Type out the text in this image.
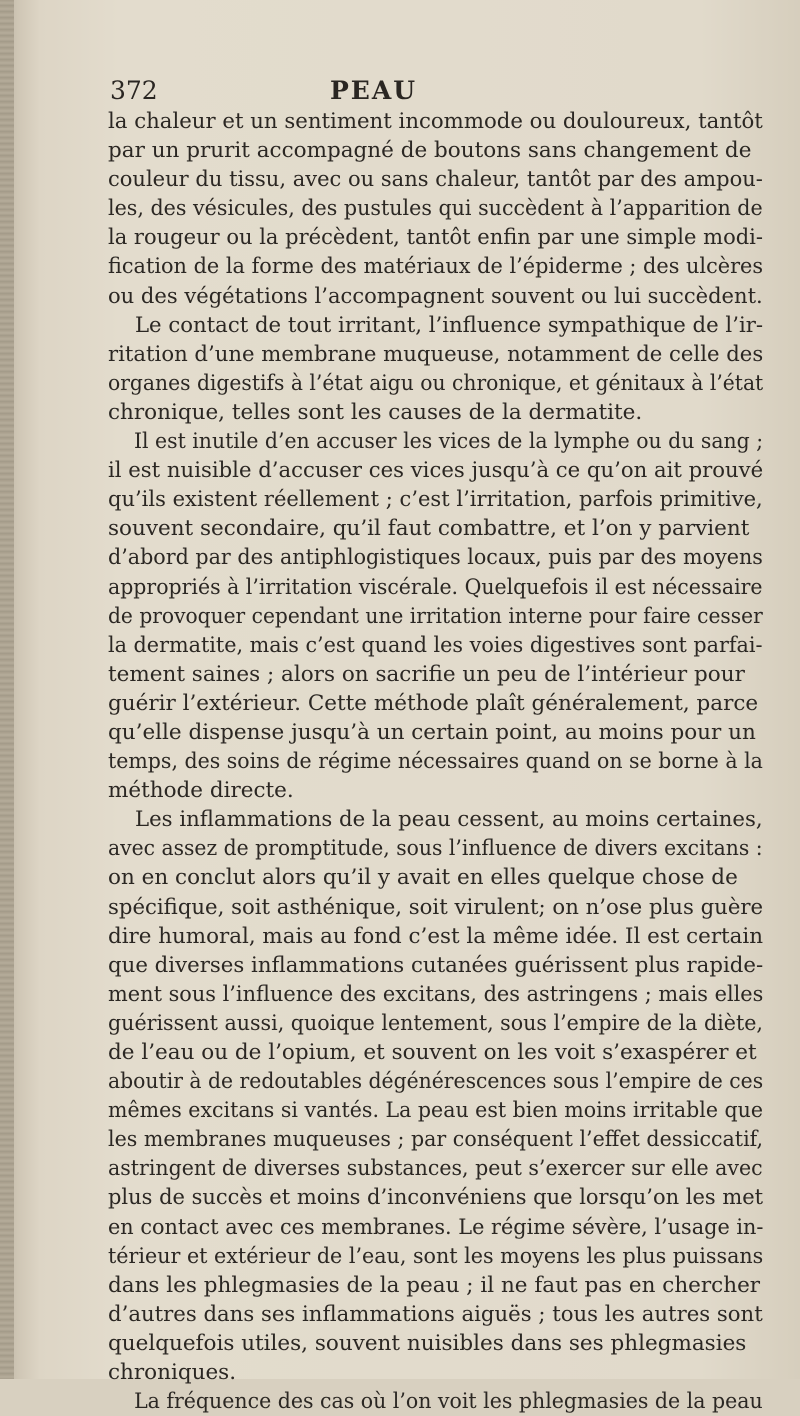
372	PEAU
la chaleur et un sentiment incommode ou douloureux, tantôt
par un prurit accompagné de boutons sans changement de
couleur du tissu, avec ou sans chaleur, tantôt par des ampou-
les, des vésicules, des pustules qui succèdent à l’apparition de
la rougeur ou la précèdent, tantôt enfin par une simple modi-
fication de la forme des matériaux de l’épiderme ; des ulcères
ou des végétations l’accompagnent souvent ou lui succèdent.
Le contact de tout irritant, l’influence sympathique de l’ir-
ritation d’une membrane muqueuse, notamment de celle des
organes digestifs à l’état aigu ou chronique, et génitaux à l’état
chronique, telles sont les causes de la dermatite.
Il est inutile d’en accuser les vices de la lymphe ou du sang ;
il est nuisible d’accuser ces vices jusqu’à ce qu’on ait prouvé
qu’ils existent réellement ; c’est l’irritation, parfois primitive,
souvent secondaire, qu’il faut combattre, et l’on y parvient
d’abord par des antiphlogistiques locaux, puis par des moyens
appropriés à l’irritation viscérale. Quelquefois il est nécessaire
de provoquer cependant une irritation interne pour faire cesser
la dermatite, mais c’est quand les voies digestives sont parfai-
tement saines ; alors on sacrifie un peu de l’intérieur pour
guérir l’extérieur. Cette méthode plaît généralement, parce
qu’elle dispense jusqu’à un certain point, au moins pour un
temps, des soins de régime nécessaires quand on se borne à la
méthode directe.
Les inflammations de la peau cessent, au moins certaines,
avec assez de promptitude, sous l’influence de divers excitans :
on en conclut alors qu’il y avait en elles quelque chose de
spécifique, soit asthénique, soit virulent; on n’ose plus guère
dire humoral, mais au fond c’est la même idée. Il est certain
que diverses inflammations cutanées guérissent plus rapide-
ment sous l’influence des excitans, des astringens ; mais elles
guérissent aussi, quoique lentement, sous l’empire de la diète,
de l’eau ou de l’opium, et souvent on les voit s’exaspérer et
aboutir à de redoutables dégénérescences sous l’empire de ces
mêmes excitans si vantés. La peau est bien moins irritable que
les membranes muqueuses ; par conséquent l’effet dessiccatif,
astringent de diverses substances, peut s’exercer sur elle avec
plus de succès et moins d’inconvéniens que lorsqu’on les met
en contact avec ces membranes. Le régime sévère, l’usage in-
térieur et extérieur de l’eau, sont les moyens les plus puissans
dans les phlegmasies de la peau ; il ne faut pas en chercher
d’autres dans ses inflammations aiguës ; tous les autres sont
quelquefois utiles, souvent nuisibles dans ses phlegmasies
chroniques.
La fréquence des cas où l’on voit les phlegmasies de la peau
